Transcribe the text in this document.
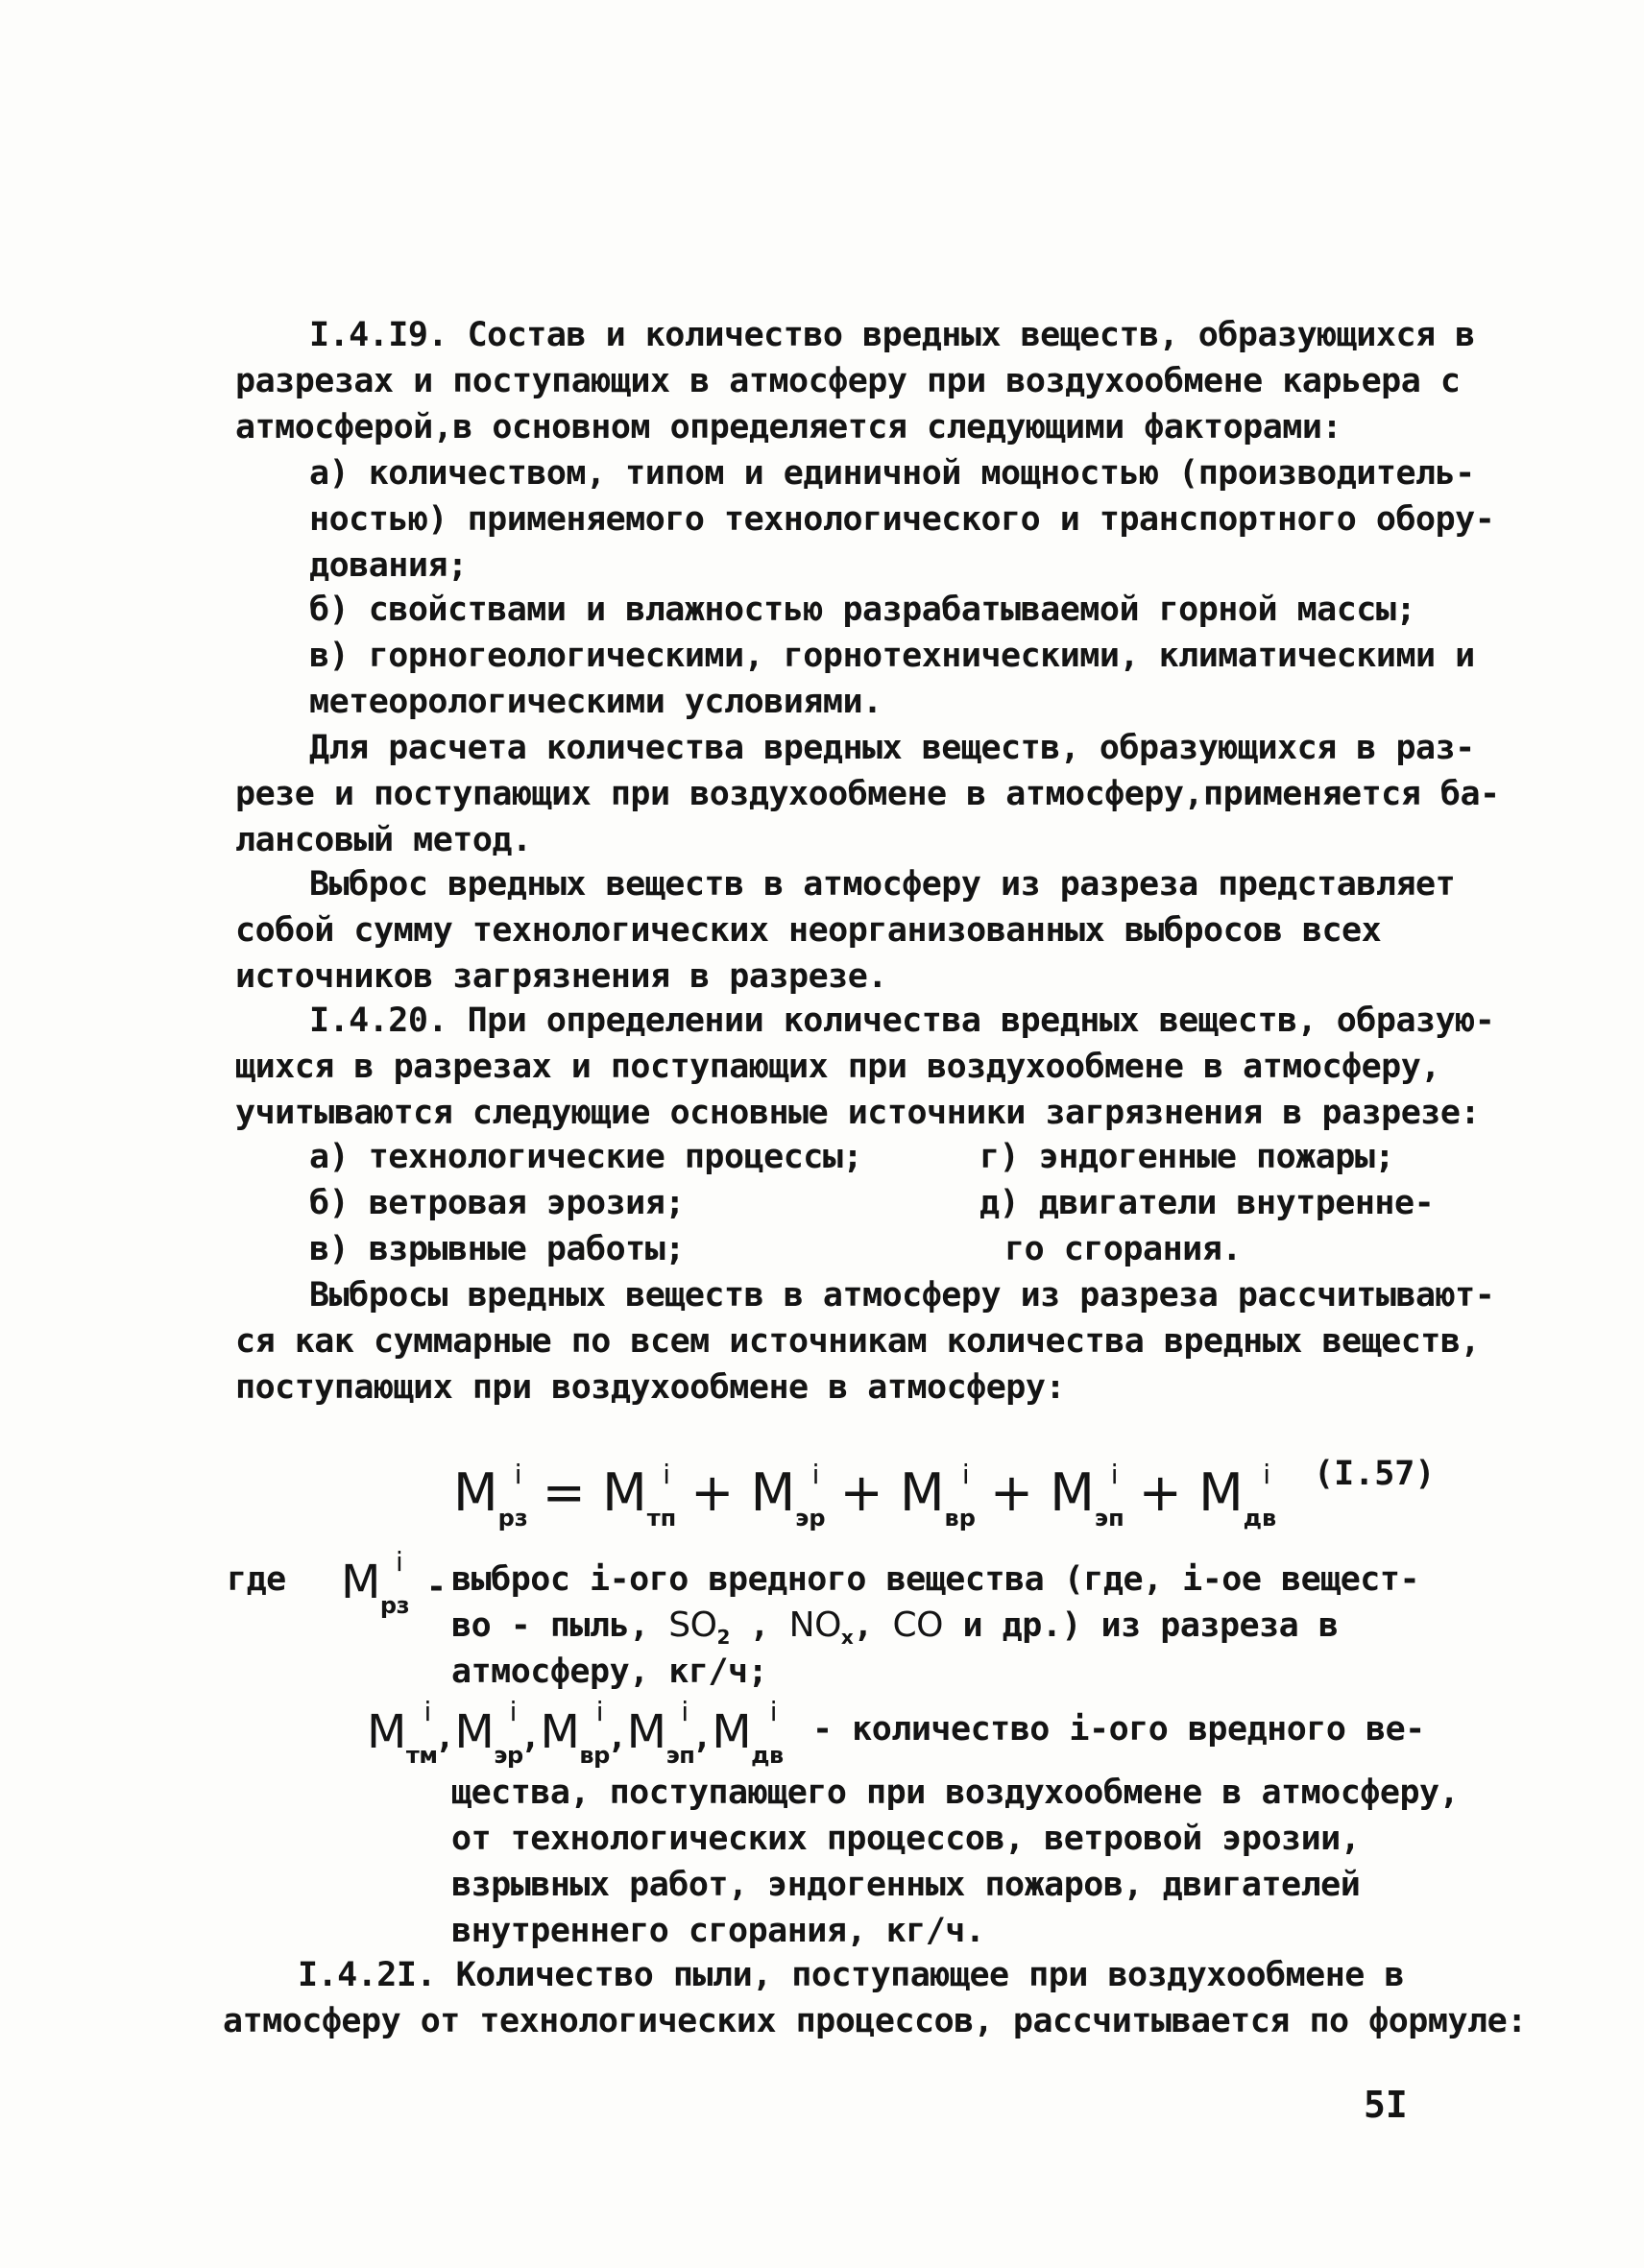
I.4.I9. Состав и количество вредных веществ, образующихся в
разрезах и поступающих в атмосферу при воздухообмене карьера с
атмосферой,в основном определяется следующими факторами:
а) количеством, типом и единичной мощностью (производитель-
ностью) применяемого технологического и транспортного обору-
дования;
б) свойствами и влажностью разрабатываемой горной массы;
в) горногеологическими, горнотехническими, климатическими и
метеорологическими условиями.
Для расчета количества вредных веществ, образующихся в раз-
резе и поступающих при воздухообмене в атмосферу,применяется ба-
лансовый метод.
Выброс вредных веществ в атмосферу из разреза представляет
собой сумму технологических неорганизованных выбросов всех
источников загрязнения в разрезе.
I.4.20. При определении количества вредных веществ, образую-
щихся в разрезах и поступающих при воздухообмене в атмосферу,
учитываются следующие основные источники загрязнения в разрезе:
а) технологические процессы;
б) ветровая эрозия;
в) взрывные работы;
г) эндогенные пожары;
д) двигатели внутренне-
го сгорания.
Выбросы вредных веществ в атмосферу из разреза рассчитывают-
ся как суммарные по всем источникам количества вредных веществ,
поступающих при воздухообмене в атмосферу:
$M_{рз}^i = M_{тп}^i + M_{эр}^i + M_{вр}^i + M_{эп}^i + M_{дв}^i$ (I.57)
где $M_{рз}^i$ - выброс i-ого вредного вещества (где, i-ое вещест-
во - пыль, $SO_2$ , $NO_x$, CO и др.) из разреза в
атмосферу, кг/ч;
$M_{тм}^i,M_{эр}^i,M_{вр}^i,M_{эп}^i,M_{дв}^i$ - количество i-ого вредного ве-
щества, поступающего при воздухообмене в атмосферу,
от технологических процессов, ветровой эрозии,
взрывных работ, эндогенных пожаров, двигателей
внутреннего сгорания, кг/ч.
I.4.2I. Количество пыли, поступающее при воздухообмене в
атмосферу от технологических процессов, рассчитывается по формуле:
5I
